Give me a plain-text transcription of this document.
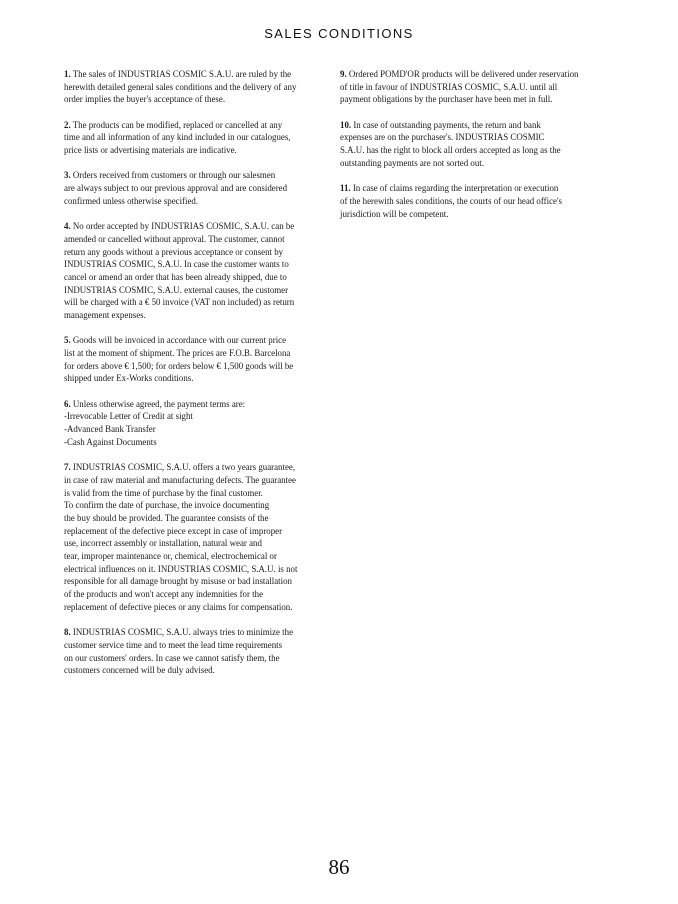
SALES CONDITIONS

1. The sales of INDUSTRIAS COSMIC S.A.U. are ruled by the
herewith detailed general sales conditions and the delivery of any
order implies the buyer's acceptance of these.

2. The products can be modified, replaced or cancelled at any
time and all information of any kind included in our catalogues,
price lists or advertising materials are indicative.

3. Orders received from customers or through our salesmen
are always subject to our previous approval and are considered
confirmed unless otherwise specified.

4. No order accepted by INDUSTRIAS COSMIC, S.A.U. can be
amended or cancelled without approval. The customer, cannot
return any goods without a previous acceptance or consent by
INDUSTRIAS COSMIC, S.A.U. In case the customer wants to
cancel or amend an order that has been already shipped, due to
INDUSTRIAS COSMIC, S.A.U. external causes, the customer
will be charged with a € 50 invoice (VAT non included) as return
management expenses.

5. Goods will be invoiced in accordance with our current price
list at the moment of shipment. The prices are F.O.B. Barcelona
for orders above € 1,500; for orders below € 1,500 goods will be
shipped under Ex-Works conditions.

6. Unless otherwise agreed, the payment terms are:
-Irrevocable Letter of Credit at sight
-Advanced Bank Transfer
-Cash Against Documents

7. INDUSTRIAS COSMIC, S.A.U. offers a two years guarantee,
in case of raw material and manufacturing defects. The guarantee
is valid from the time of purchase by the final customer.
To confirm the date of purchase, the invoice documenting
the buy should be provided. The guarantee consists of the
replacement of the defective piece except in case of improper
use, incorrect assembly or installation, natural wear and
tear, improper maintenance or, chemical, electrochemical or
electrical influences on it. INDUSTRIAS COSMIC, S.A.U. is not
responsible for all damage brought by misuse or bad installation
of the products and won't accept any indemnities for the
replacement of defective pieces or any claims for compensation.

8. INDUSTRIAS COSMIC, S.A.U. always tries to minimize the
customer service time and to meet the lead time requirements
on our customers' orders. In case we cannot satisfy them, the
customers concerned will be duly advised.

9. Ordered POMD'OR products will be delivered under reservation
of title in favour of INDUSTRIAS COSMIC, S.A.U. until all
payment obligations by the purchaser have been met in full.

10. In case of outstanding payments, the return and bank
expenses are on the purchaser's. INDUSTRIAS COSMIC
S.A.U. has the right to block all orders accepted as long as the
outstanding payments are not sorted out.

11. In case of claims regarding the interpretation or execution
of the herewith sales conditions, the courts of our head office's
jurisdiction will be competent.

86
